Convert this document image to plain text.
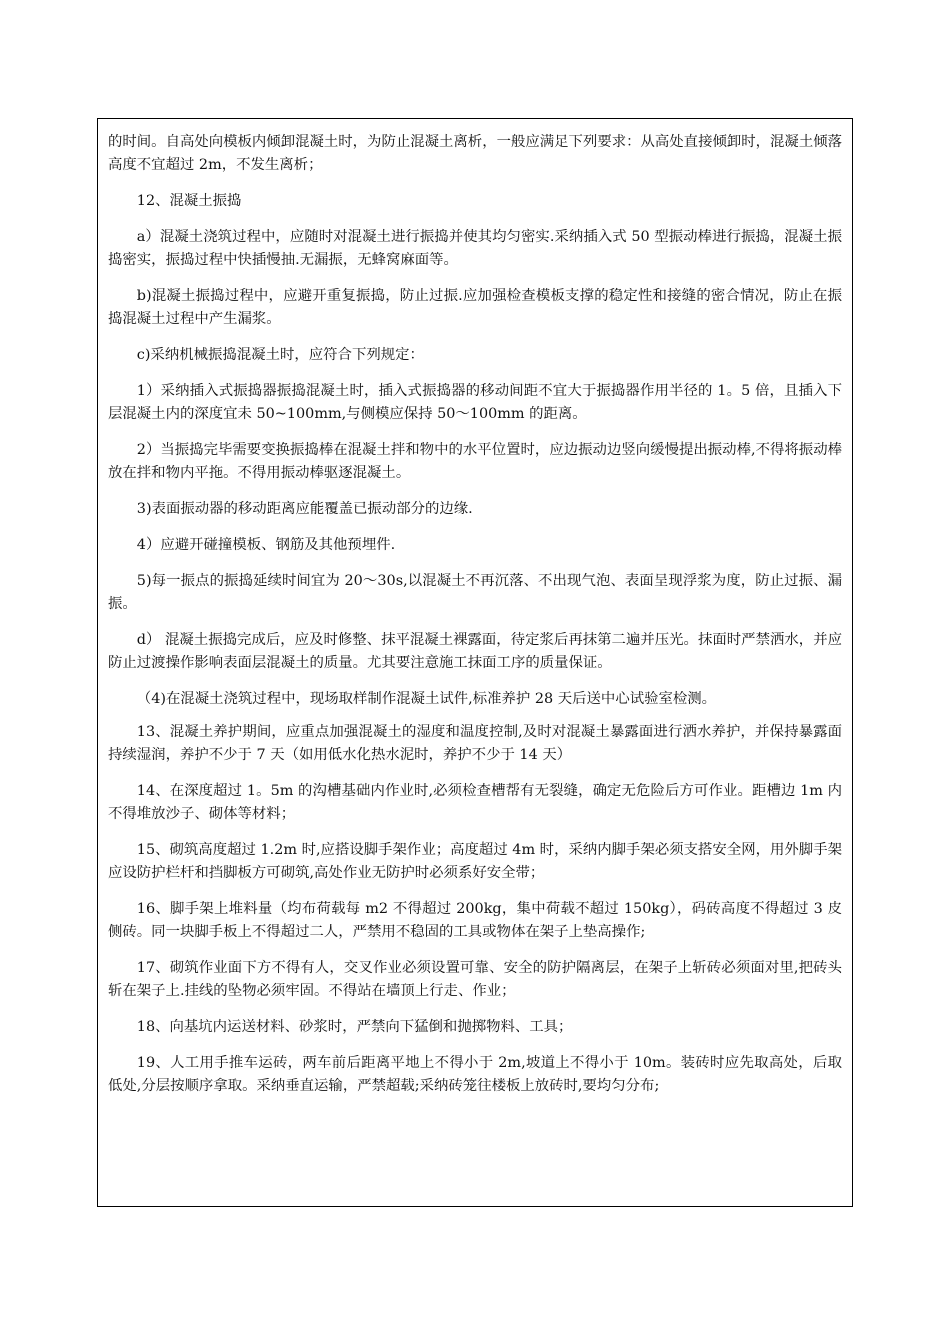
的时间。自高处向模板内倾卸混凝土时，为防止混凝土离析，一般应满足下列要求：从高处直接倾卸时，混凝土倾落高度不宜超过 2m，不发生离析；

12、混凝土振捣

a）混凝土浇筑过程中，应随时对混凝土进行振捣并使其均匀密实.采纳插入式 50 型振动棒进行振捣，混凝土振捣密实，振捣过程中快插慢抽.无漏振，无蜂窝麻面等。

b)混凝土振捣过程中，应避开重复振捣，防止过振.应加强检查模板支撑的稳定性和接缝的密合情况，防止在振捣混凝土过程中产生漏浆。

c)采纳机械振捣混凝土时，应符合下列规定：

1）采纳插入式振捣器振捣混凝土时，插入式振捣器的移动间距不宜大于振捣器作用半径的 1。5 倍，且插入下层混凝土内的深度宜未 50~100mm,与侧模应保持 50～100mm 的距离。

2）当振捣完毕需要变换振捣棒在混凝土拌和物中的水平位置时，应边振动边竖向缓慢提出振动棒,不得将振动棒放在拌和物内平拖。不得用振动棒驱逐混凝土。

3)表面振动器的移动距离应能覆盖已振动部分的边缘.

4）应避开碰撞模板、钢筋及其他预埋件.

5)每一振点的振捣延续时间宜为 20～30s,以混凝土不再沉落、不出现气泡、表面呈现浮浆为度，防止过振、漏振。

d） 混凝土振捣完成后，应及时修整、抹平混凝土裸露面，待定浆后再抹第二遍并压光。抹面时严禁洒水，并应防止过渡操作影响表面层混凝土的质量。尤其要注意施工抹面工序的质量保证。

（4)在混凝土浇筑过程中，现场取样制作混凝土试件,标准养护 28 天后送中心试验室检测。

13、混凝土养护期间，应重点加强混凝土的湿度和温度控制,及时对混凝土暴露面进行洒水养护，并保持暴露面持续湿润，养护不少于 7 天（如用低水化热水泥时，养护不少于 14 天）

14、在深度超过 1。5m 的沟槽基础内作业时,必须检查槽帮有无裂缝，确定无危险后方可作业。距槽边 1m 内不得堆放沙子、砌体等材料；

15、砌筑高度超过 1.2m 时,应搭设脚手架作业；高度超过 4m 时，采纳内脚手架必须支搭安全网，用外脚手架应设防护栏杆和挡脚板方可砌筑,高处作业无防护时必须系好安全带；

16、脚手架上堆料量（均布荷载每 m2 不得超过 200kg，集中荷载不超过 150kg），码砖高度不得超过 3 皮侧砖。同一块脚手板上不得超过二人，严禁用不稳固的工具或物体在架子上垫高操作;

17、砌筑作业面下方不得有人，交叉作业必须设置可靠、安全的防护隔离层，在架子上斩砖必须面对里,把砖头斩在架子上.挂线的坠物必须牢固。不得站在墙顶上行走、作业；

18、向基坑内运送材料、砂浆时，严禁向下猛倒和抛掷物料、工具；

19、人工用手推车运砖，两车前后距离平地上不得小于 2m,坡道上不得小于 10m。装砖时应先取高处，后取低处,分层按顺序拿取。采纳垂直运输，严禁超载;采纳砖笼往楼板上放砖时,要均匀分布;
